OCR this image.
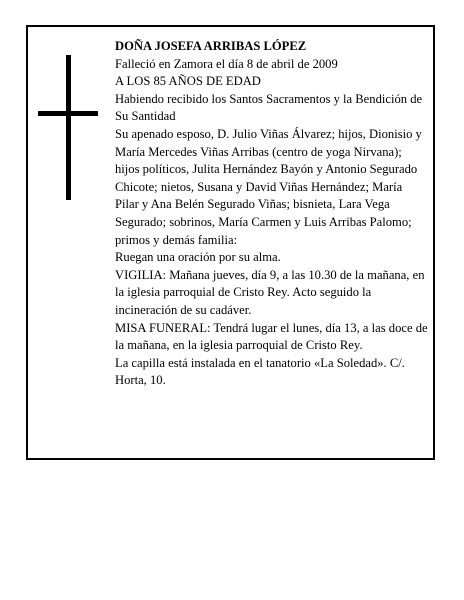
DOÑA JOSEFA ARRIBAS LÓPEZ

Falleció en Zamora el día 8 de abril de 2009

A LOS 85 AÑOS DE EDAD

Habiendo recibido los Santos Sacramentos y la Bendición de Su Santidad

Su apenado esposo, D. Julio Viñas Álvarez; hijos, Dionisio y María Mercedes Viñas Arribas (centro de yoga Nirvana); hijos políticos, Julita Hernández Bayón y Antonio Segurado Chicote; nietos, Susana y David Viñas Hernández; María Pilar y Ana Belén Segurado Viñas; bisnieta, Lara Vega Segurado; sobrinos, María Carmen y Luis Arribas Palomo; primos y demás familia:

Ruegan una oración por su alma.

VIGILIA: Mañana jueves, día 9, a las 10.30 de la mañana, en la iglesia parroquial de Cristo Rey. Acto seguido la incineración de su cadáver.

MISA FUNERAL: Tendrá lugar el lunes, día 13, a las doce de la mañana, en la iglesia parroquial de Cristo Rey.

La capilla está instalada en el tanatorio «La Soledad». C/. Horta, 10.
